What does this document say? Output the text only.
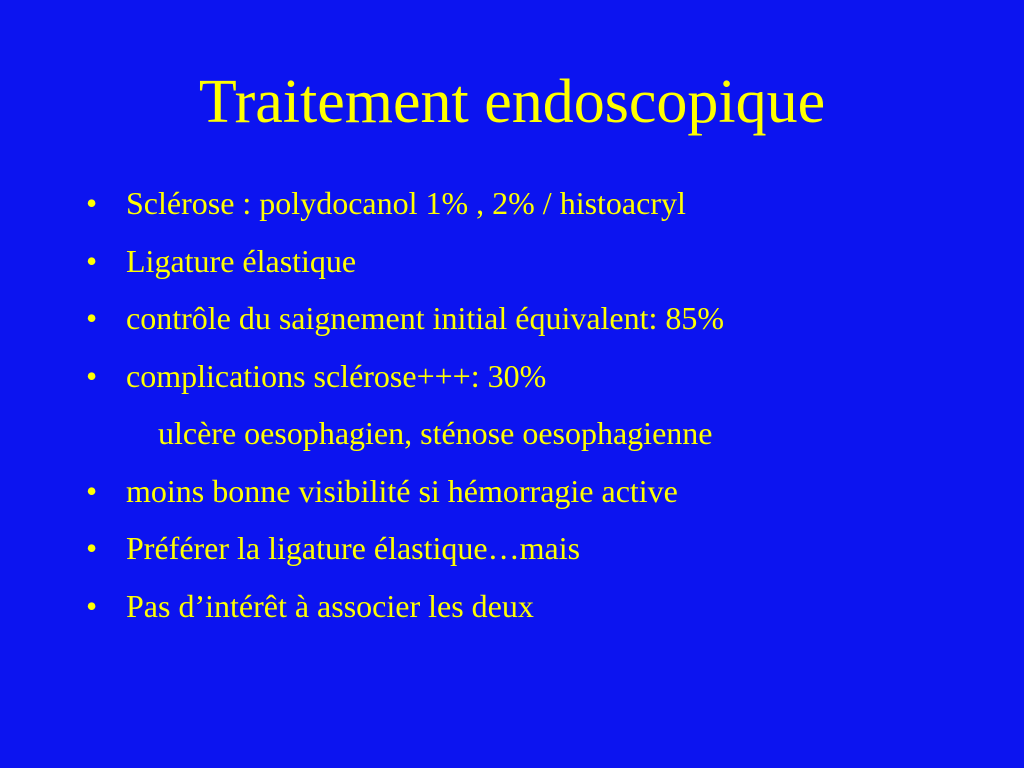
Traitement endoscopique
• Sclérose : polydocanol 1% , 2% / histoacryl
• Ligature élastique
• contrôle du saignement initial équivalent: 85%
• complications sclérose+++: 30%
ulcère oesophagien, sténose oesophagienne
• moins bonne visibilité si hémorragie active
• Préférer la ligature élastique…mais
• Pas d’intérêt à associer les deux
